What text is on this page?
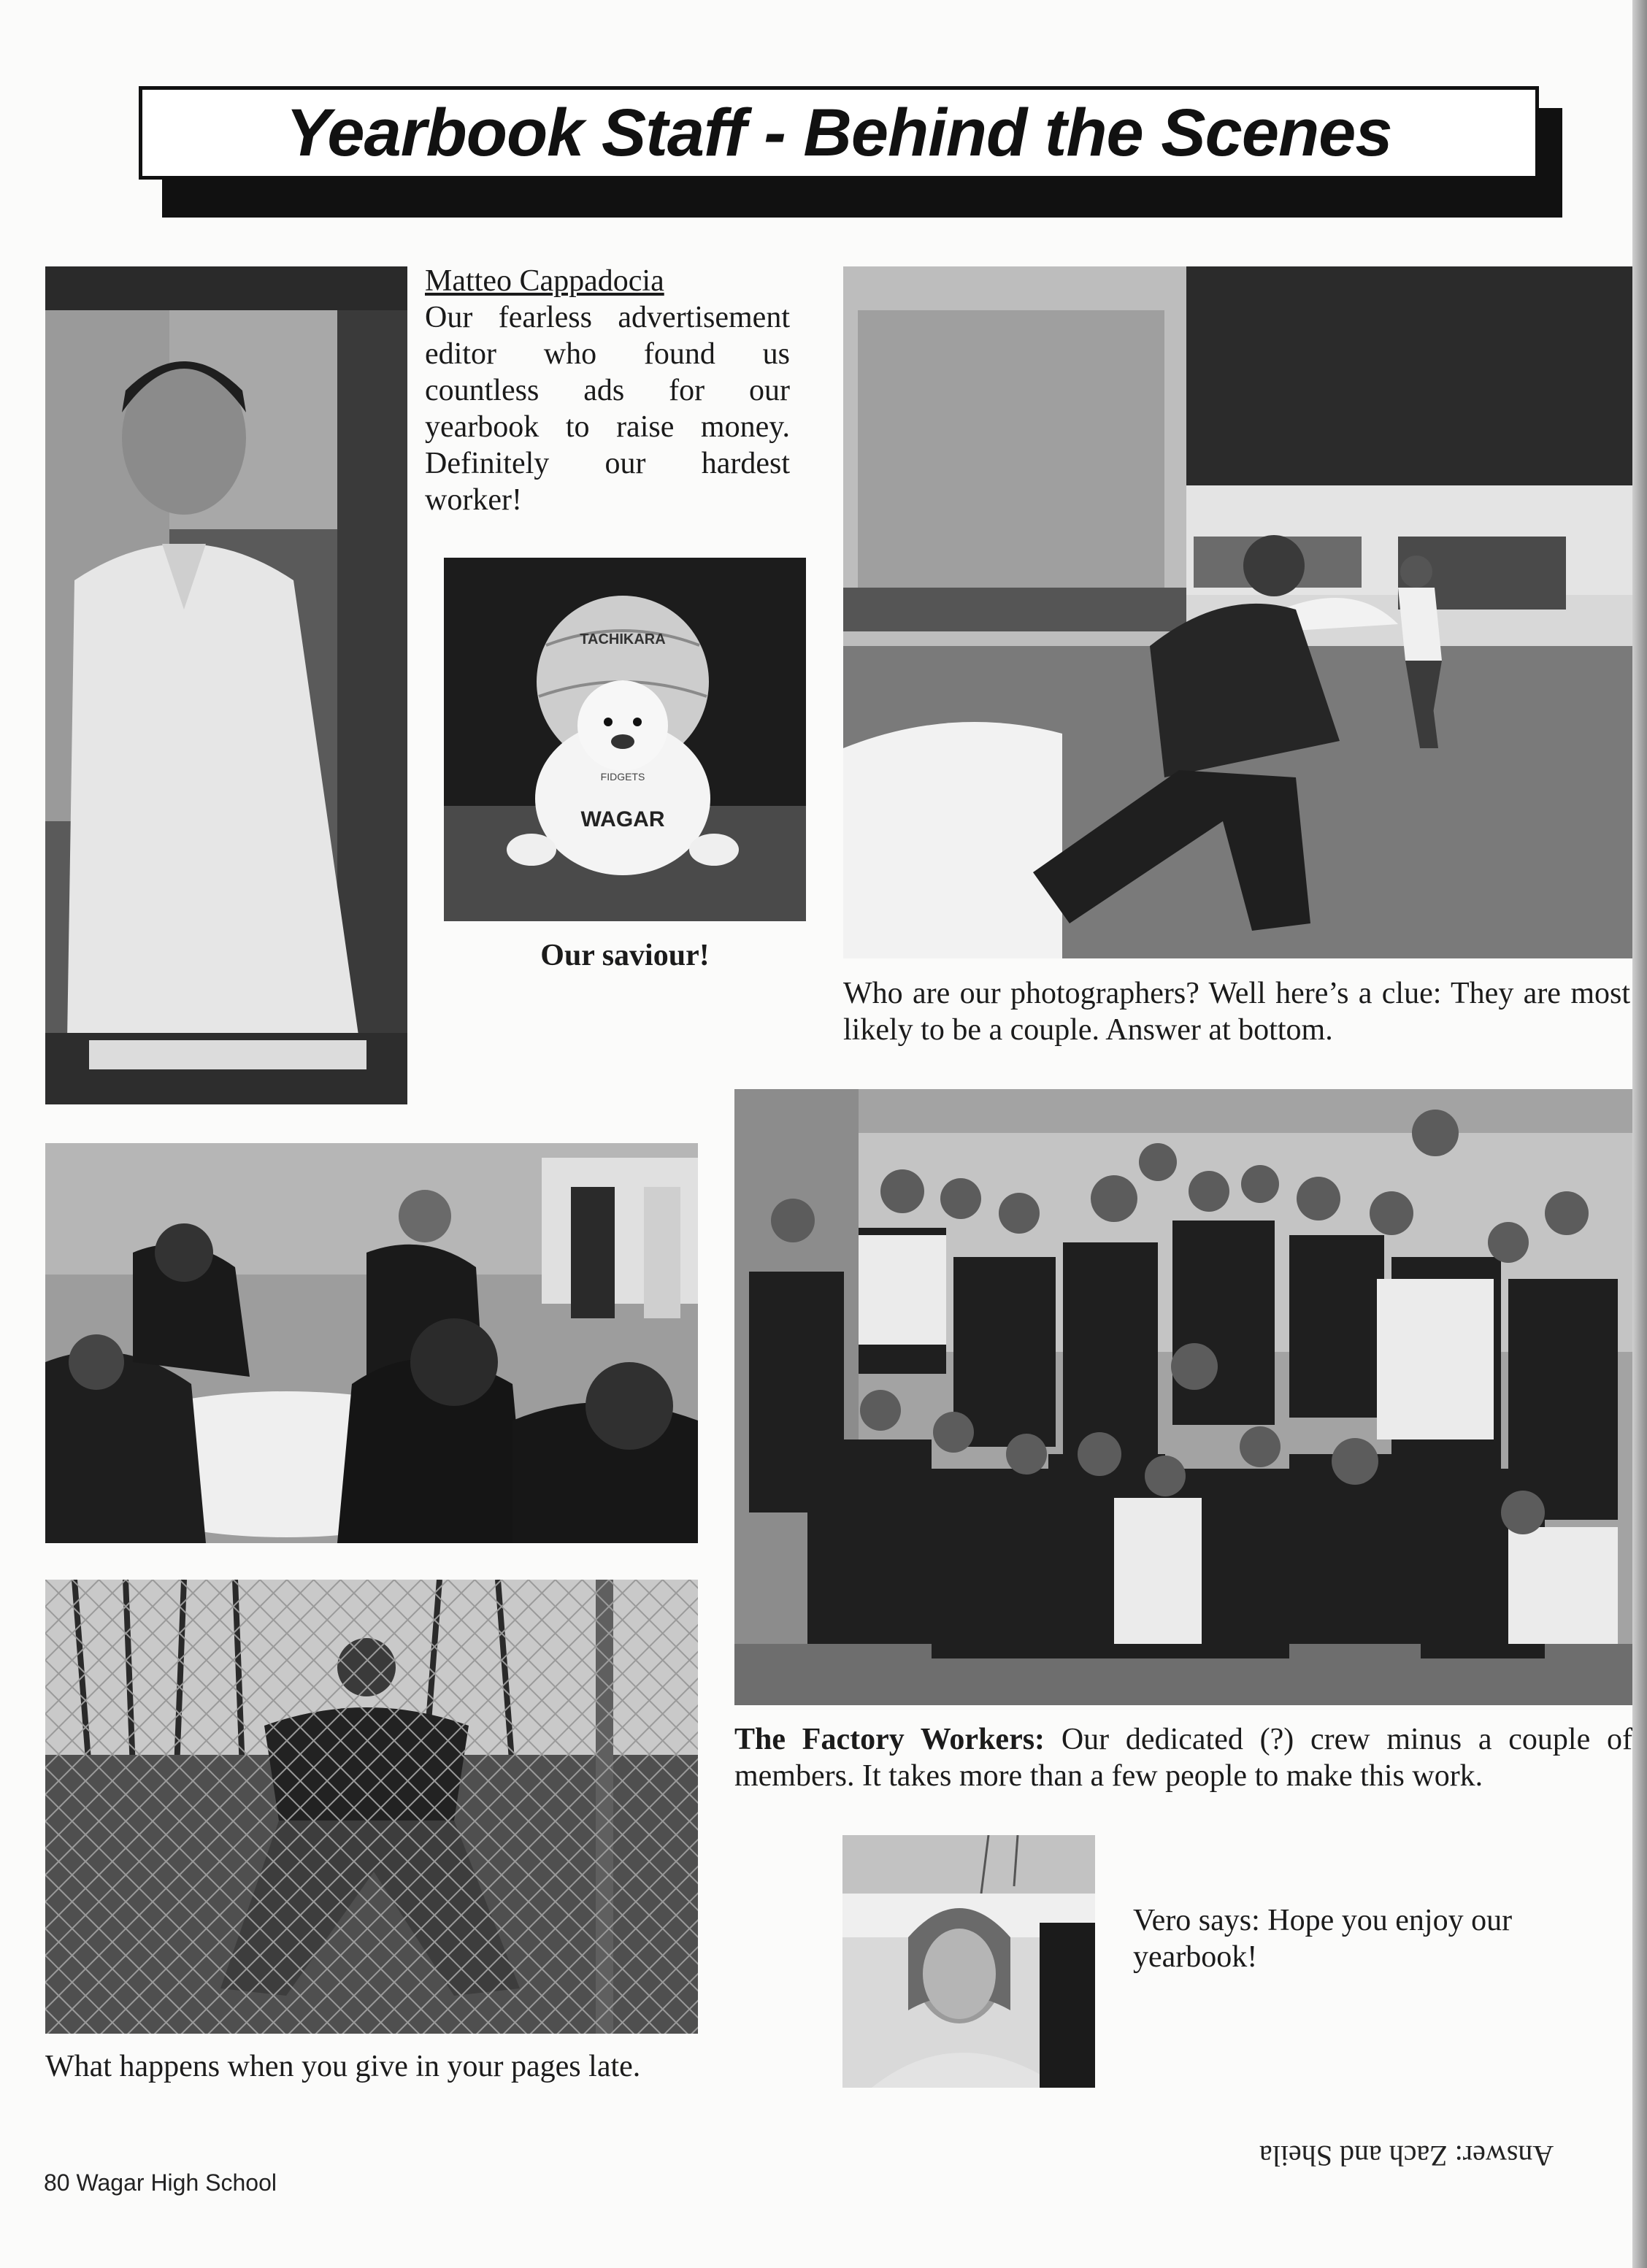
Yearbook Staff - Behind the Scenes
Matteo Cappadocia
Our fearless advertisement editor who found us countless ads for our yearbook to raise money. Definitely our hardest worker!
TACHIKARA
FIDGETS
WAGAR
Our saviour!
Who are our photographers? Well here’s a clue: They are most likely to be a couple. Answer at bottom.
The Factory Workers: Our dedicated (?) crew minus a couple of members. It takes more than a few people to make this work.
What happens when you give in your pages late.
Vero says: Hope you enjoy our yearbook!
Answer: Zach and Sheila
80 Wagar High School
